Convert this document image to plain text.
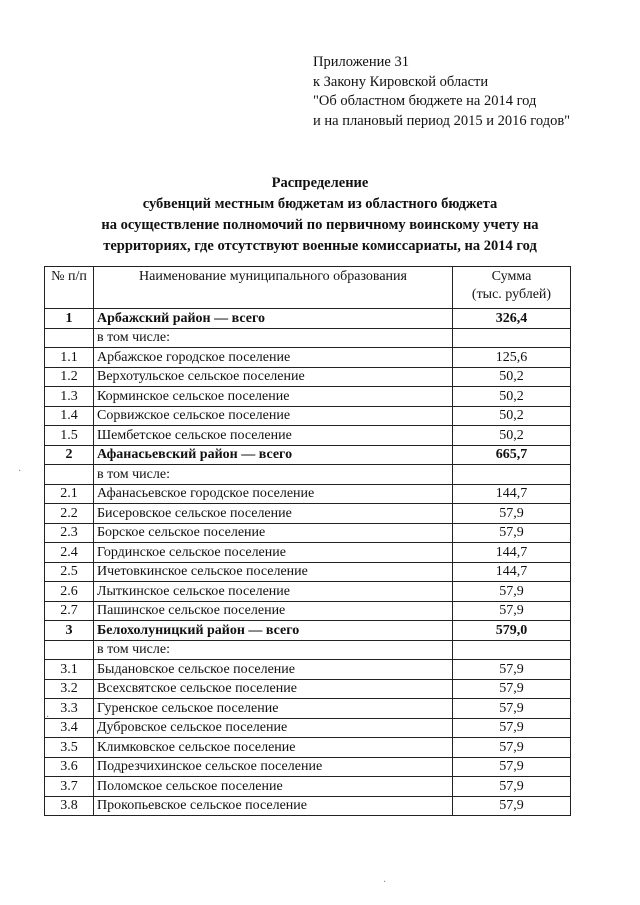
Приложение 31
к Закону Кировской области
"Об областном бюджете на 2014 год
и на плановый период 2015 и 2016 годов"
Распределение
субвенций местным бюджетам из областного бюджета
на осуществление полномочий по первичному воинскому учету на
территориях, где отсутствуют военные комиссариаты, на 2014 год
№ п/п	Наименование муниципального образования	Сумма
(тыс. рублей)

1	Арбажский район — всего	326,4
	в том числе:	
1.1	Арбажское городское поселение	125,6
1.2	Верхотульское сельское поселение	50,2
1.3	Корминское сельское поселение	50,2
1.4	Сорвижское сельское поселение	50,2
1.5	Шембетское сельское поселение	50,2
2	Афанасьевский район — всего	665,7
	в том числе:	
2.1	Афанасьевское городское поселение	144,7
2.2	Бисеровское сельское поселение	57,9
2.3	Борское сельское поселение	57,9
2.4	Гординское сельское поселение	144,7
2.5	Ичетовкинское сельское поселение	144,7
2.6	Лыткинское сельское поселение	57,9
2.7	Пашинское сельское поселение	57,9
3	Белохолуницкий район — всего	579,0
	в том числе:	
3.1	Быдановское сельское поселение	57,9
3.2	Всехсвятское сельское поселение	57,9
3.3	Гуренское сельское поселение	57,9
3.4	Дубровское сельское поселение	57,9
3.5	Климковское сельское поселение	57,9
3.6	Подрезчихинское сельское поселение	57,9
3.7	Поломское сельское поселение	57,9
3.8	Прокопьевское сельское поселение	57,9
·
·
·
